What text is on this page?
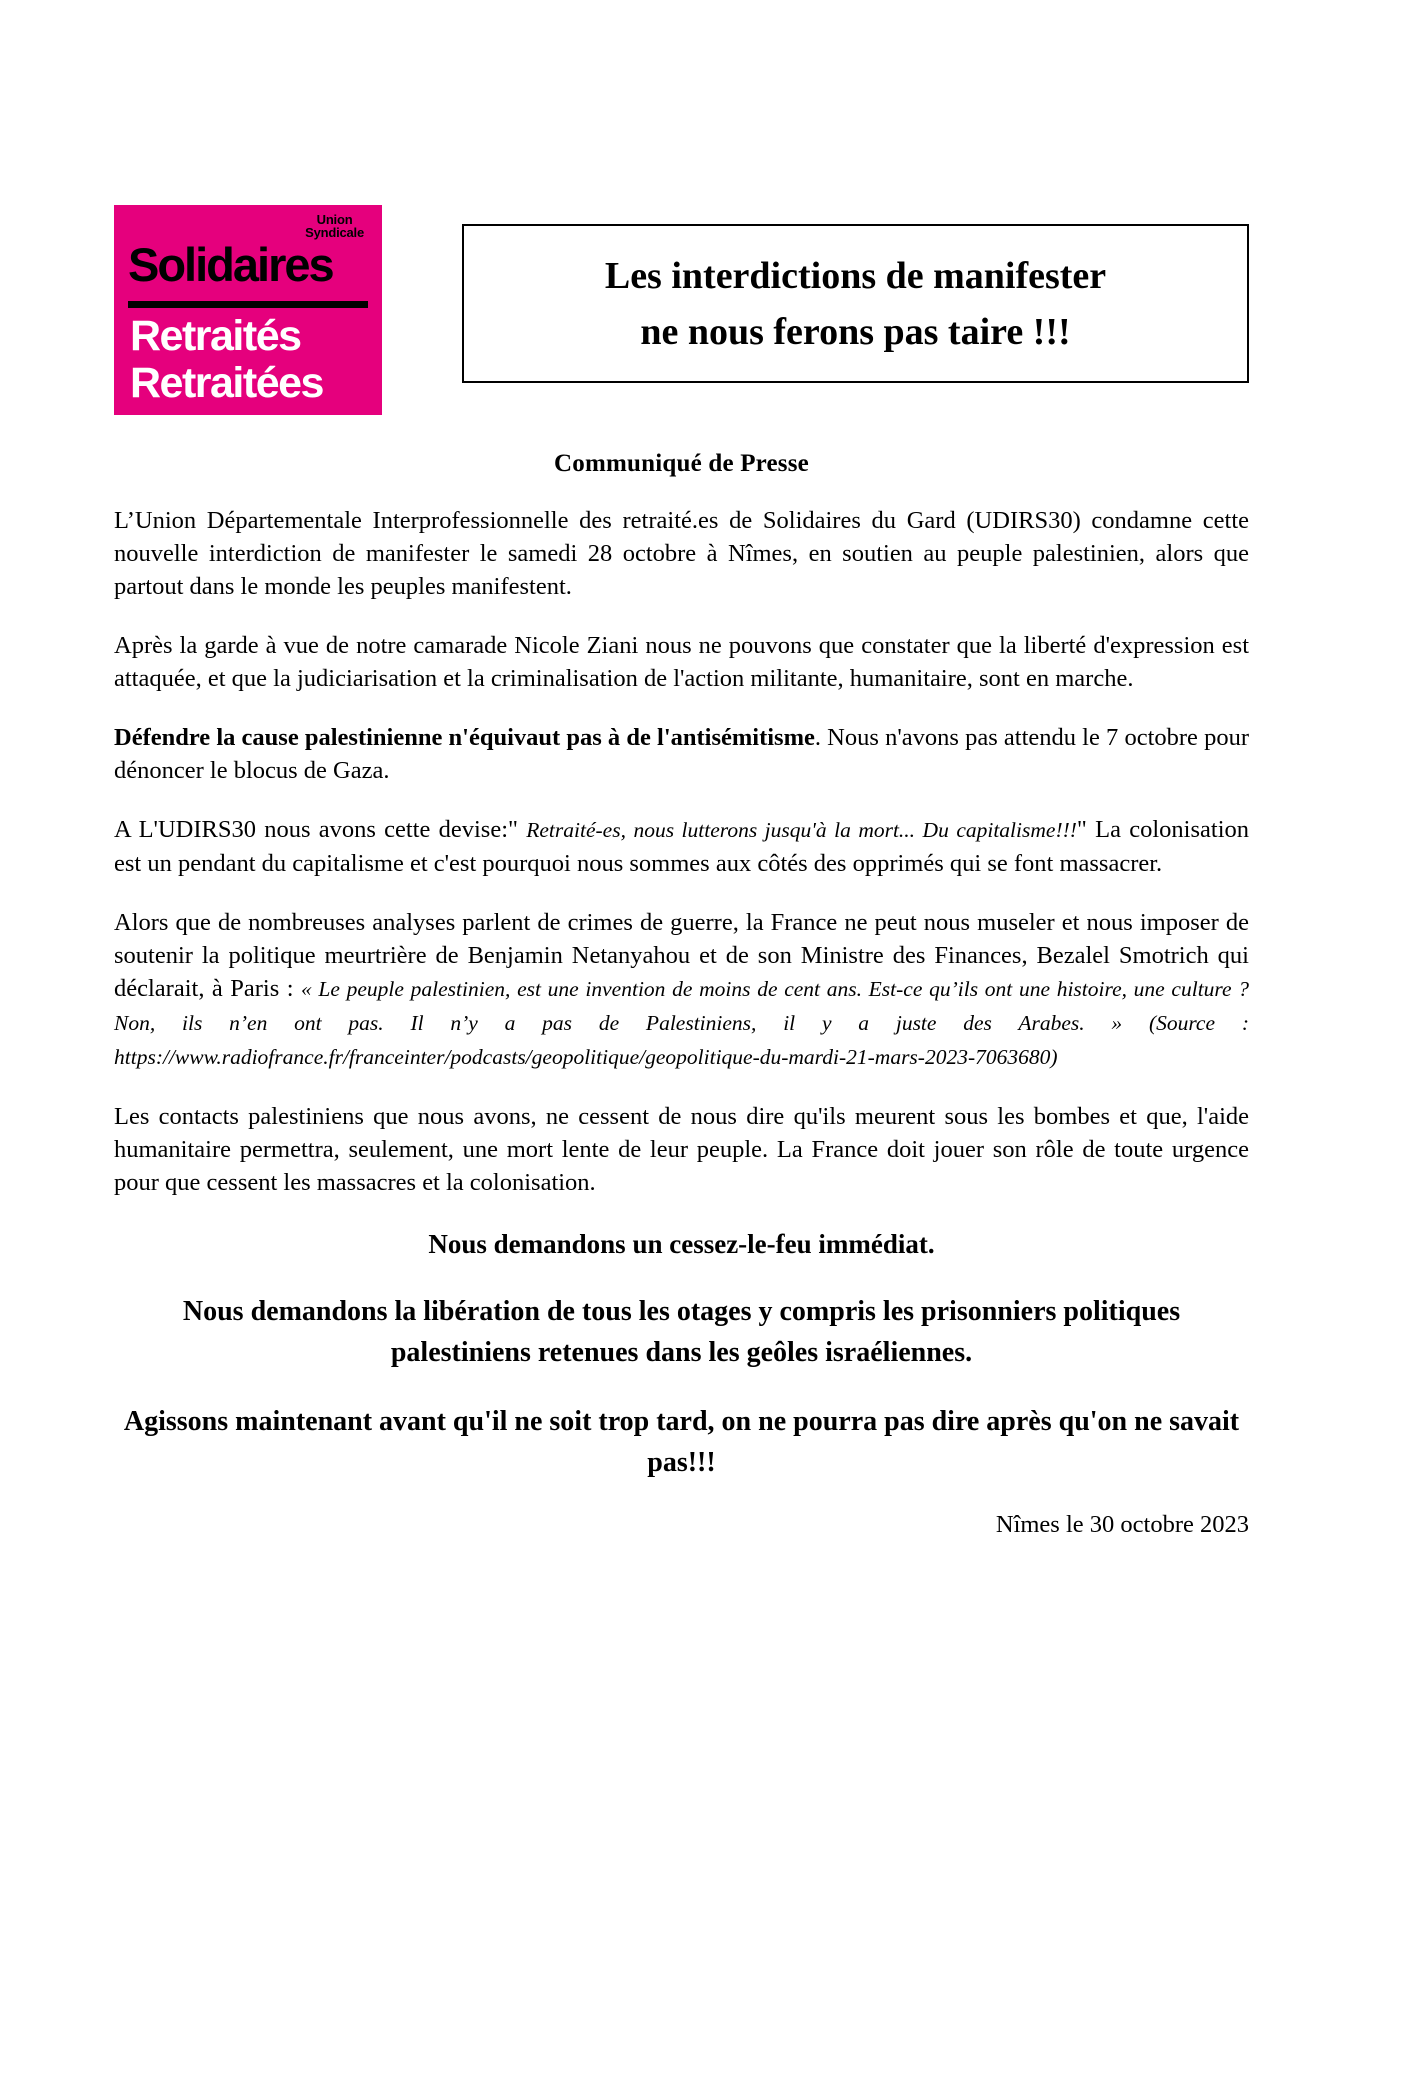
Union
Syndicale
Solidaires
Retraités
Retraitées
Les interdictions de manifester
ne nous ferons pas taire !!!
Communiqué de Presse

L’Union Départementale Interprofessionnelle des retraité.es de Solidaires du Gard (UDIRS30) condamne cette nouvelle interdiction de manifester le samedi 28 octobre à Nîmes, en soutien au peuple palestinien, alors que partout dans le monde les peuples manifestent.

Après la garde à vue de notre camarade Nicole Ziani nous ne pouvons que constater que la liberté d'expression est attaquée, et que la judiciarisation et la criminalisation de l'action militante, humanitaire, sont en marche.

Défendre la cause palestinienne n'équivaut pas à de l'antisémitisme. Nous n'avons pas attendu le 7 octobre pour dénoncer le blocus de Gaza.

A L'UDIRS30 nous avons cette devise:" Retraité-es, nous lutterons jusqu'à la mort... Du capitalisme!!!" La colonisation est un pendant du capitalisme et c'est pourquoi nous sommes aux côtés des opprimés qui se font massacrer.

Alors que de nombreuses analyses parlent de crimes de guerre, la France ne peut nous museler et nous imposer de soutenir la politique meurtrière de Benjamin Netanyahou et de son Ministre des Finances, Bezalel Smotrich qui déclarait, à Paris : « Le peuple palestinien, est une invention de moins de cent ans. Est-ce qu’ils ont une histoire, une culture ? Non, ils n’en ont pas. Il n’y a pas de Palestiniens, il y a juste des Arabes. » (Source : https://www.radiofrance.fr/franceinter/podcasts/geopolitique/geopolitique-du-mardi-21-mars-2023-7063680)

Les contacts palestiniens que nous avons, ne cessent de nous dire qu'ils meurent sous les bombes et que, l'aide humanitaire permettra, seulement, une mort lente de leur peuple. La France doit jouer son rôle de toute urgence pour que cessent les massacres et la colonisation.

Nous demandons un cessez-le-feu immédiat.
Nous demandons la libération de tous les otages y compris les prisonniers politiques palestiniens retenues dans les geôles israéliennes.
Agissons maintenant avant qu'il ne soit trop tard, on ne pourra pas dire après qu'on ne savait pas!!!
Nîmes le 30 octobre 2023
